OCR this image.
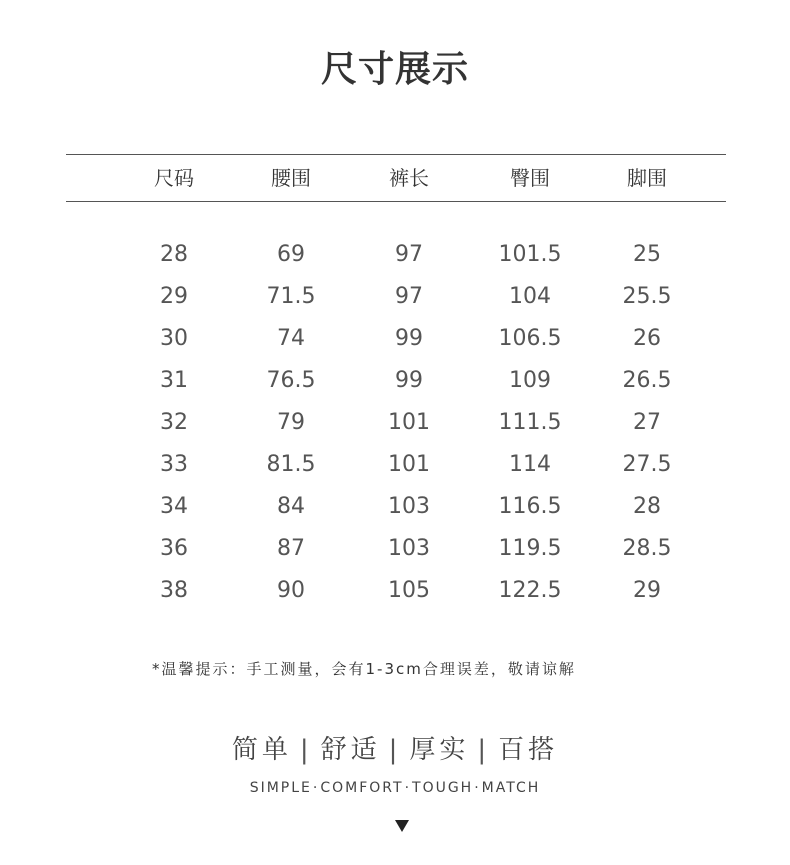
尺寸展示
尺码	腰围	裤长	臀围	脚围
28	69	97	101.5	25
29	71.5	97	104	25.5
30	74	99	106.5	26
31	76.5	99	109	26.5
32	79	101	111.5	27
33	81.5	101	114	27.5
34	84	103	116.5	28
36	87	103	119.5	28.5
38	90	105	122.5	29
*温馨提示：手工测量，会有1-3cm合理误差，敬请谅解
简单 | 舒适 | 厚实 | 百搭
SIMPLE·COMFORT·TOUGH·MATCH
